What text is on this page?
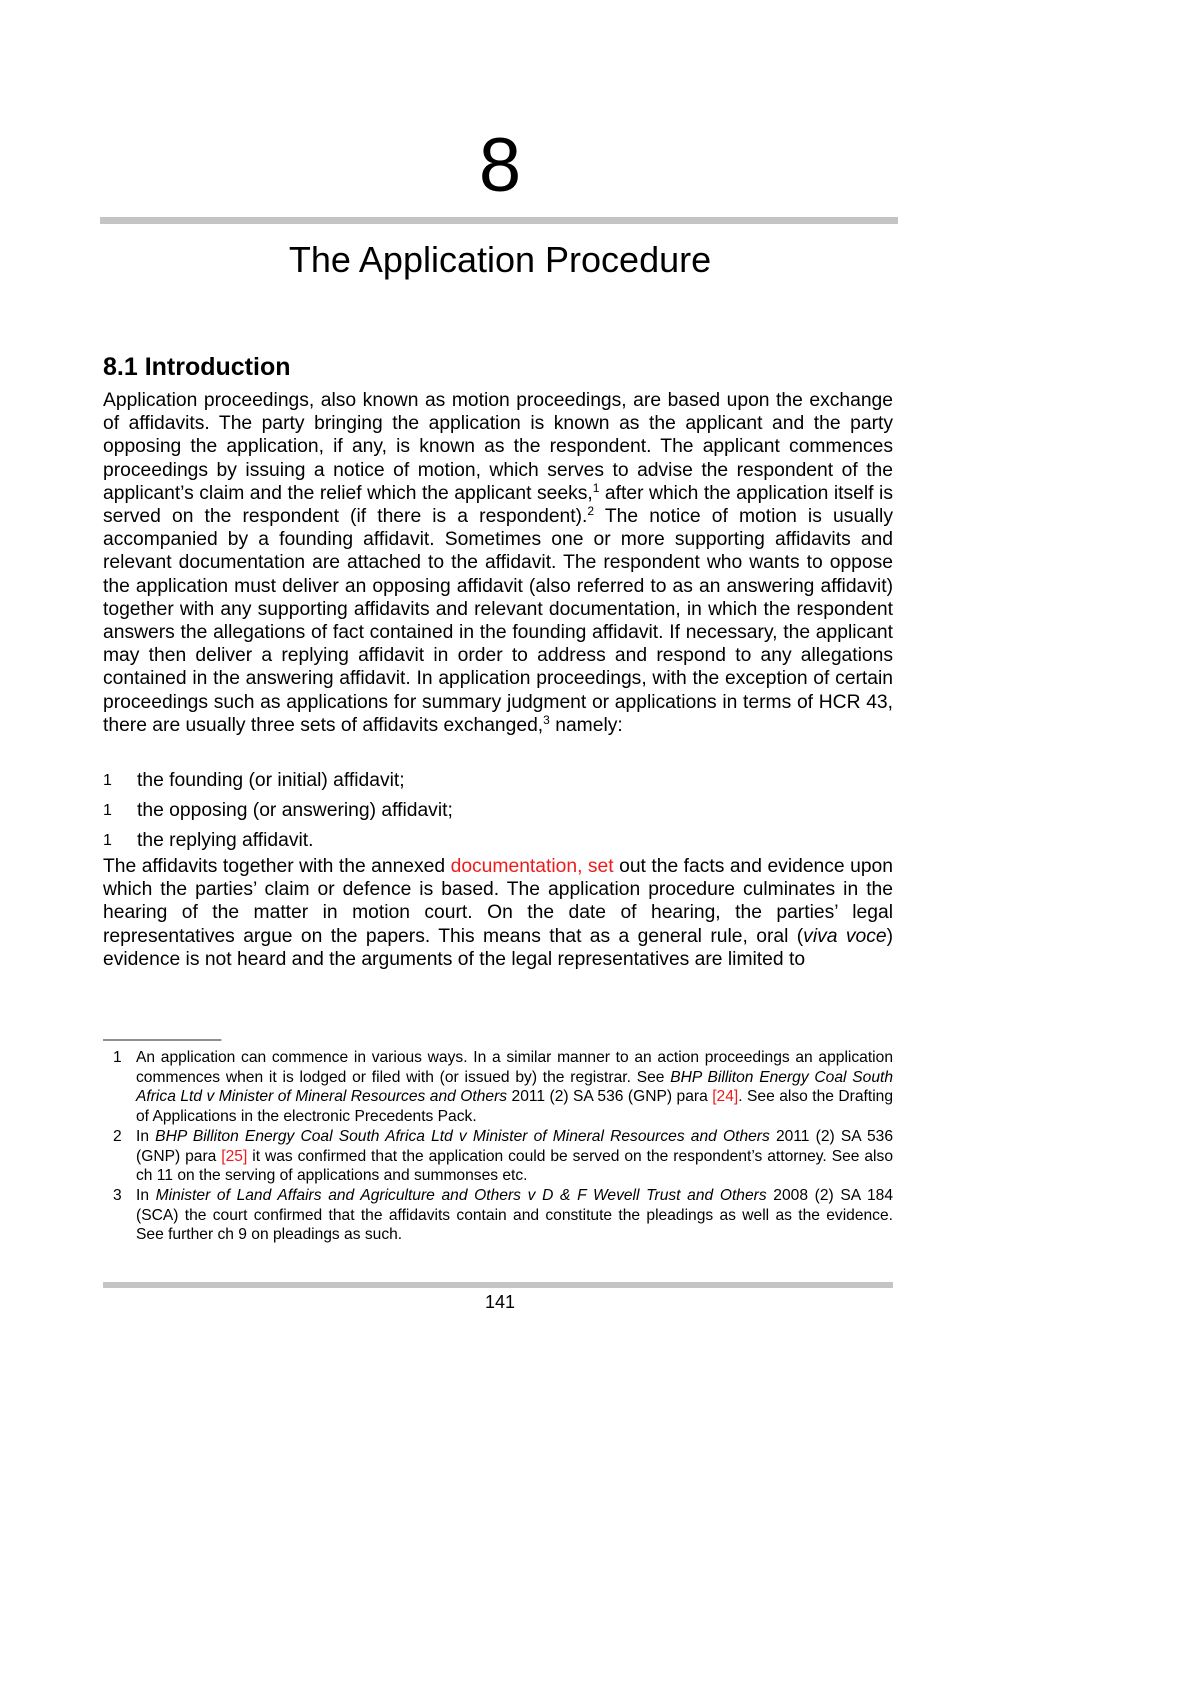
8
The Application Procedure
8.1 Introduction

Application proceedings, also known as motion proceedings, are based upon the exchange of affidavits. The party bringing the application is known as the applicant and the party opposing the application, if any, is known as the respondent. The applicant commences proceedings by issuing a notice of motion, which serves to advise the respondent of the applicant’s claim and the relief which the applicant seeks,$^1$ after which the application itself is served on the respondent (if there is a respondent).$^2$ The notice of motion is usually accompanied by a founding affidavit. Sometimes one or more supporting affidavits and relevant documentation are attached to the affidavit. The respondent who wants to oppose the application must deliver an opposing affidavit (also referred to as an answering affidavit) together with any supporting affidavits and relevant documentation, in which the respondent answers the allegations of fact contained in the founding affidavit. If necessary, the applicant may then deliver a replying affidavit in order to address and respond to any allegations contained in the answering affidavit. In application proceedings, with the exception of certain proceedings such as applications for summary judgment or applications in terms of HCR 43, there are usually three sets of affidavits exchanged,$^3$ namely:

1 the founding (or initial) affidavit;
1 the opposing (or answering) affidavit;
1 the replying affidavit.

The affidavits together with the annexed documentation, set out the facts and evidence upon which the parties’ claim or defence is based. The application procedure culminates in the hearing of the matter in motion court. On the date of hearing, the parties’ legal representatives argue on the papers. This means that as a general rule, oral (viva voce) evidence is not heard and the arguments of the legal representatives are limited to

––––––––––––––––
1 An application can commence in various ways. In a similar manner to an action proceedings an application commences when it is lodged or filed with (or issued by) the registrar. See BHP Billiton Energy Coal South Africa Ltd v Minister of Mineral Resources and Others 2011 (2) SA 536 (GNP) para [24]. See also the Drafting of Applications in the electronic Precedents Pack.
2 In BHP Billiton Energy Coal South Africa Ltd v Minister of Mineral Resources and Others 2011 (2) SA 536 (GNP) para [25] it was confirmed that the application could be served on the respondent’s attorney. See also ch 11 on the serving of applications and summonses etc.
3 In Minister of Land Affairs and Agriculture and Others v D & F Wevell Trust and Others 2008 (2) SA 184 (SCA) the court confirmed that the affidavits contain and constitute the pleadings as well as the evidence. See further ch 9 on pleadings as such.
141
